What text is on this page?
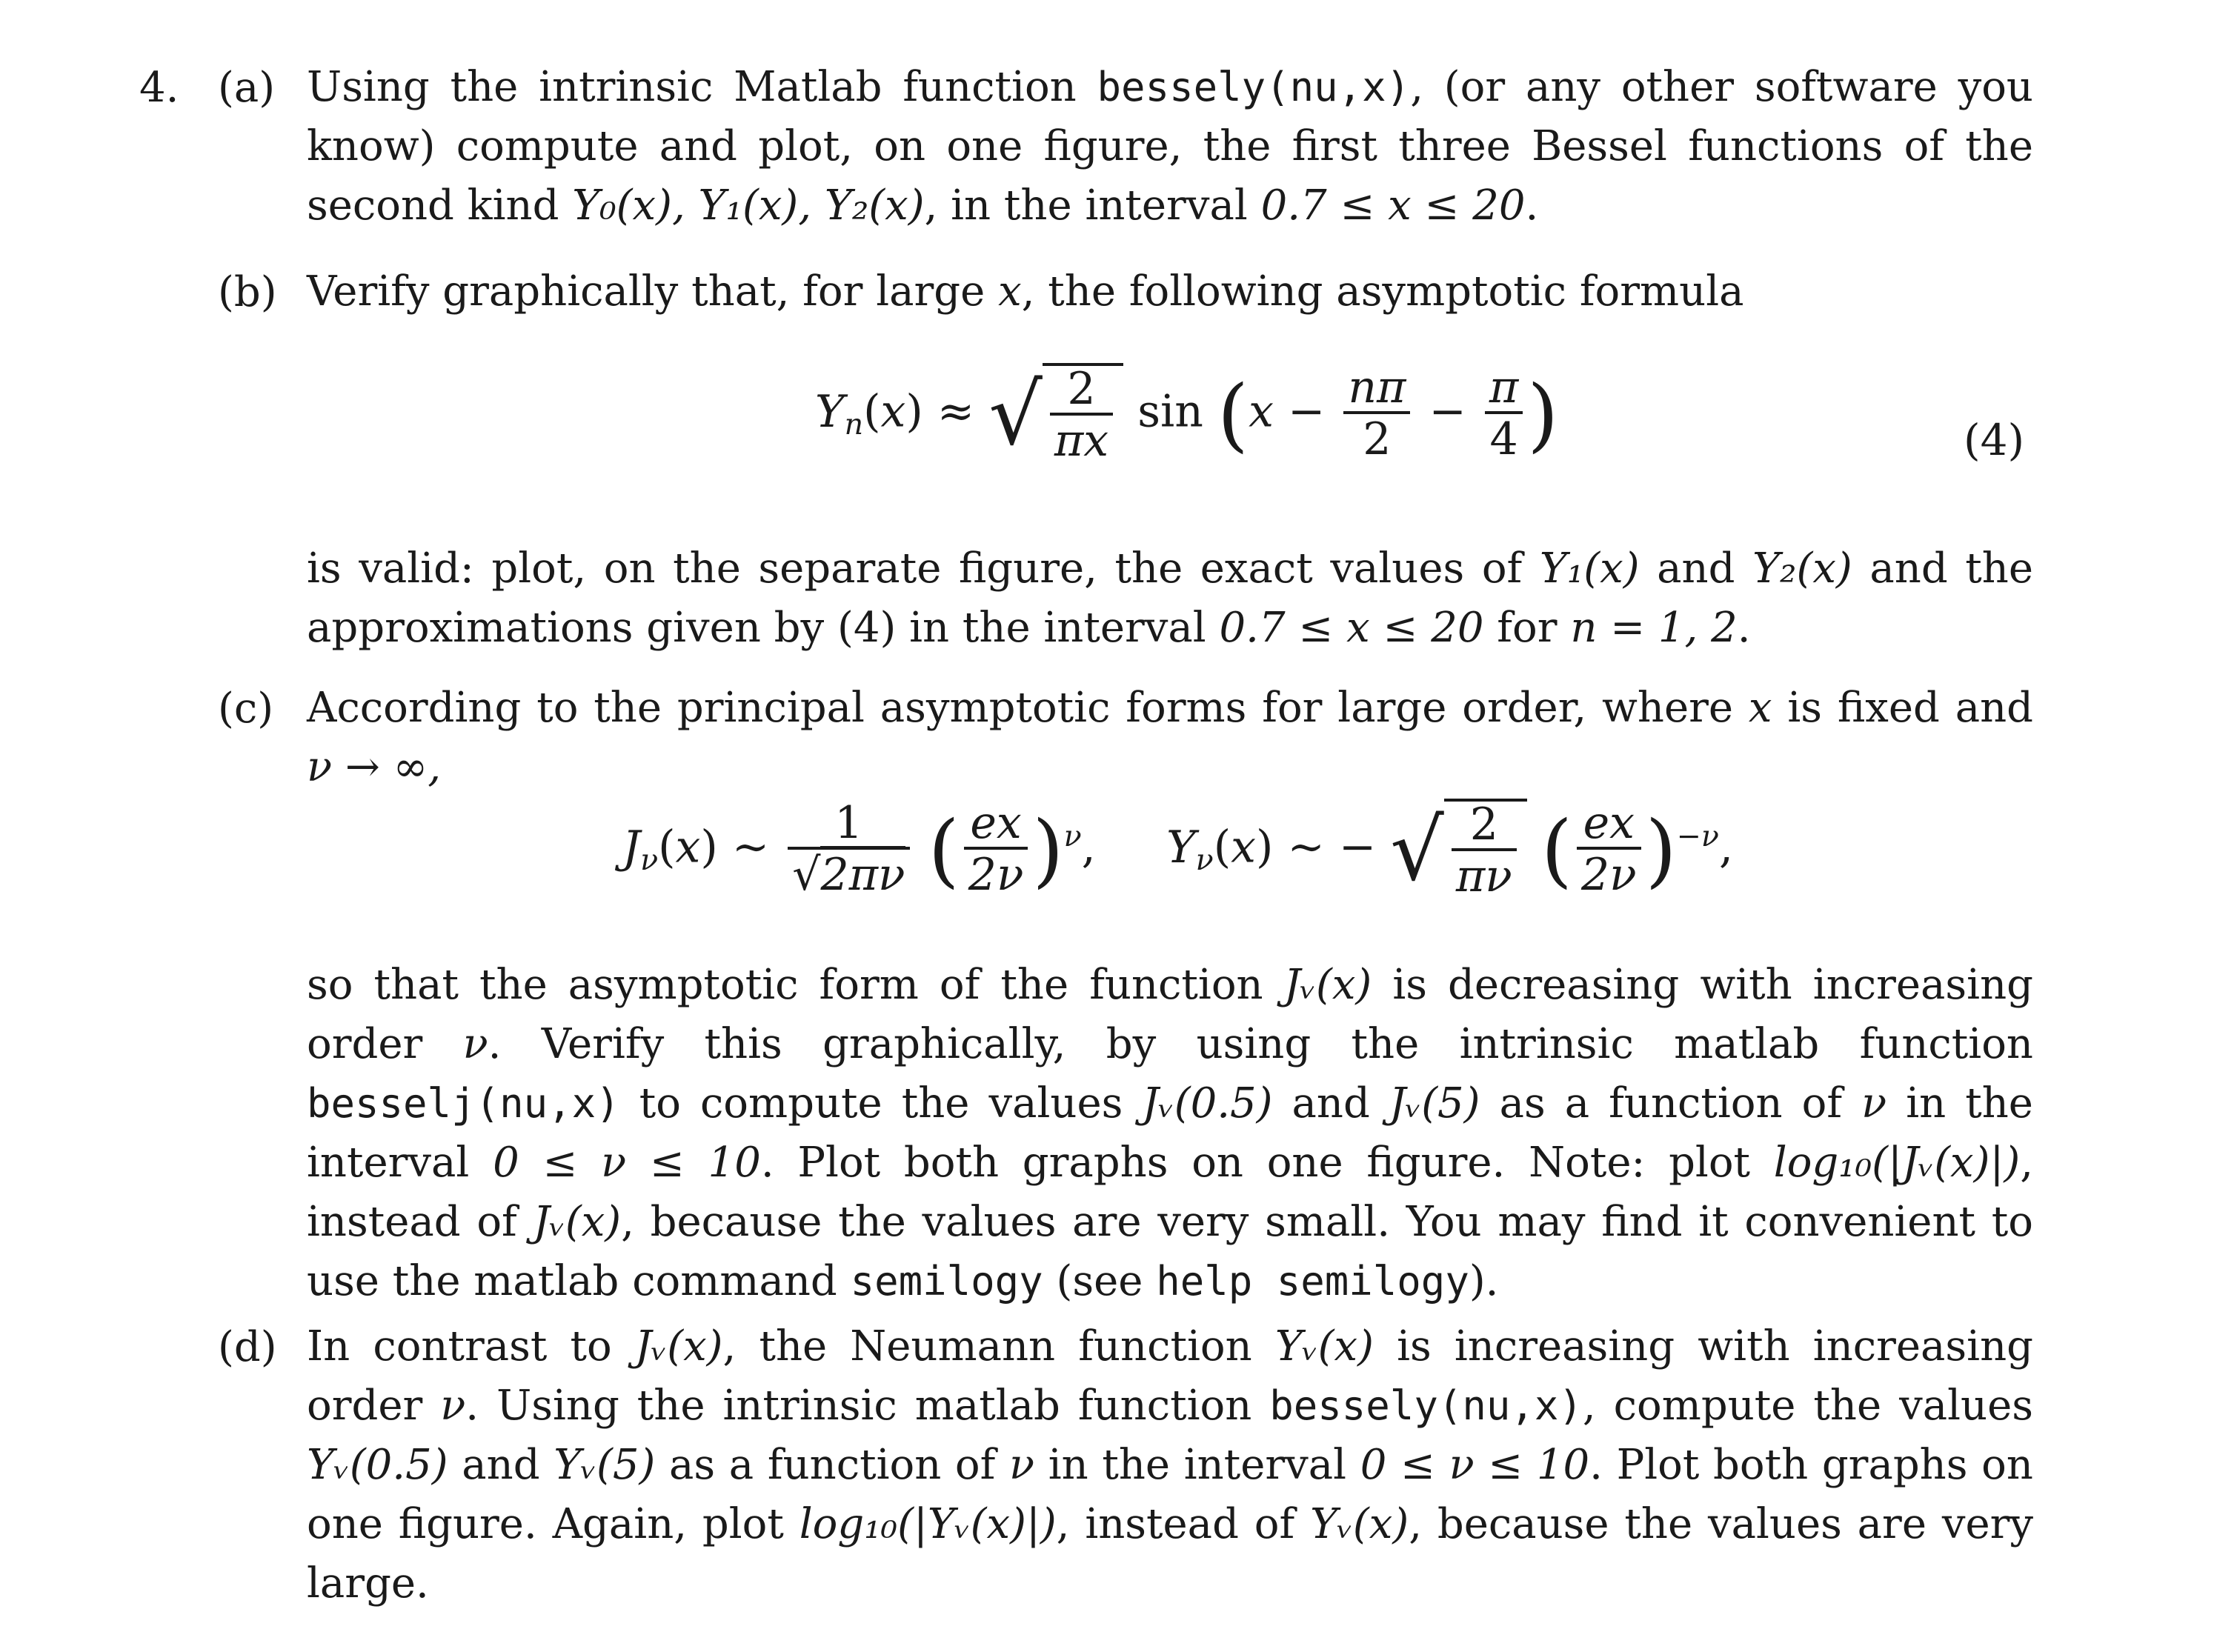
4. (a) Using the intrinsic Matlab function bessely(nu,x), (or any other software you know) compute and plot, on one figure, the first three Bessel functions of the second kind Y₀(x), Y₁(x), Y₂(x), in the interval 0.7 ≤ x ≤ 20.

(b) Verify graphically that, for large x, the following asymptotic formula

$Y_n(x)$ ≈ √ $\frac{2}{\pi x}$ $\sin (x - \frac{n\pi}{2} - \frac{\pi}{4}$ )	(4)

is valid: plot, on the separate figure, the exact values of Y₁(x) and Y₂(x) and the approximations given by (4) in the interval 0.7 ≤ x ≤ 20 for n = 1, 2.

(c) According to the principal asymptotic forms for large order, where x is fixed and ν → ∞,

$J_\nu(x)$ ∼ $\frac{1}{√2\pi\nu}$ ( $\frac{ex}{2\nu} )^\nu$,     $Y_\nu(x)$ ∼ − √ $\frac{2}{\pi\nu}$ ( $\frac{ex}{2\nu} )^{-\nu}$,

so that the asymptotic form of the function Jᵥ(x) is decreasing with increasing order ν. Verify this graphically, by using the intrinsic matlab function besselj(nu,x) to compute the values Jᵥ(0.5) and Jᵥ(5) as a function of ν in the interval 0 ≤ ν ≤ 10. Plot both graphs on one figure. Note: plot log₁₀(|Jᵥ(x)|), instead of Jᵥ(x), because the values are very small. You may find it convenient to use the matlab command semilogy (see help semilogy).

(d) In contrast to Jᵥ(x), the Neumann function Yᵥ(x) is increasing with increasing order ν. Using the intrinsic matlab function bessely(nu,x), compute the values Yᵥ(0.5) and Yᵥ(5) as a function of ν in the interval 0 ≤ ν ≤ 10. Plot both graphs on one figure. Again, plot log₁₀(|Yᵥ(x)|), instead of Yᵥ(x), because the values are very large.
